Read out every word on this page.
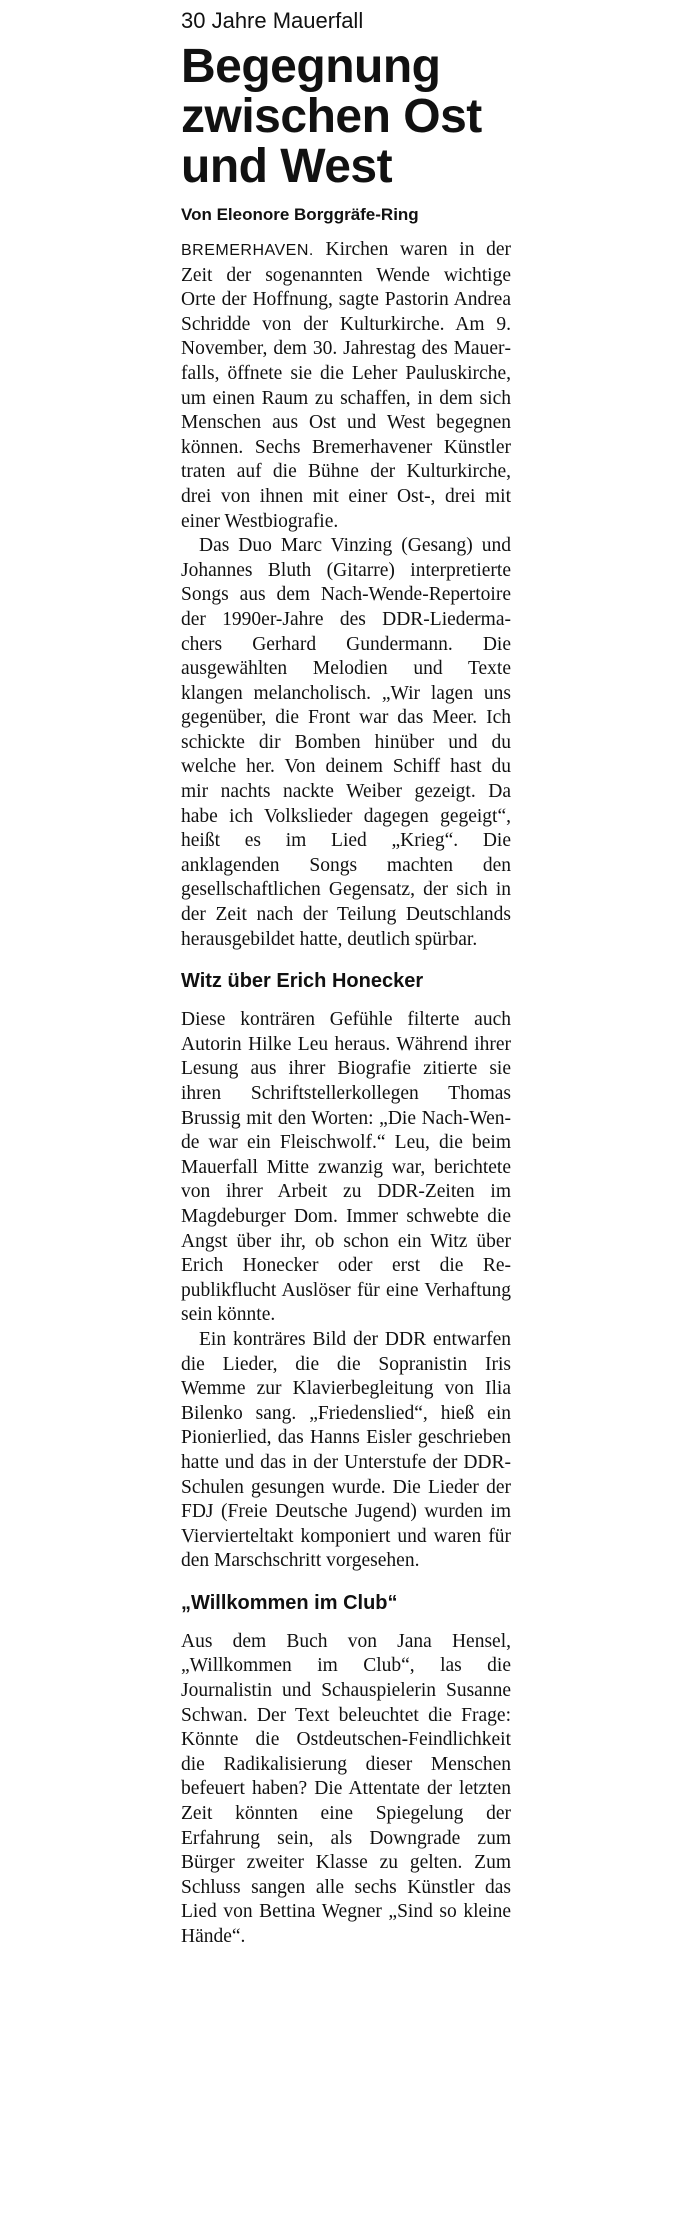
30 Jahre Mauerfall
Begegnung zwischen Ost und West
Von Eleonore Borggräfe-Ring

BREMERHAVEN. Kirchen waren in der Zeit der sogenannten Wende wichtige Orte der Hoffnung, sagte Pastorin Andrea Schridde von der Kulturkirche. Am 9. November, dem 30. Jahrestag des Mauerfalls, öffnete sie die Leher Pauluskirche, um einen Raum zu schaffen, in dem sich Menschen aus Ost und West begegnen können. Sechs Bremerhavener Künstler traten auf die Bühne der Kulturkirche, drei von ihnen mit einer Ost-, drei mit einer Westbiografie.

Das Duo Marc Vinzing (Gesang) und Johannes Bluth (Gitarre) interpretierte Songs aus dem Nach-Wende-Repertoire der 1990er-Jahre des DDR-Liedermachers Gerhard Gundermann. Die ausgewählten Melodien und Texte klangen melancholisch. „Wir lagen uns gegenüber, die Front war das Meer. Ich schickte dir Bomben hinüber und du welche her. Von deinem Schiff hast du mir nachts nackte Weiber gezeigt. Da habe ich Volkslieder dagegen gegeigt“, heißt es im Lied „Krieg“. Die anklagenden Songs machten den gesellschaftlichen Gegensatz, der sich in der Zeit nach der Teilung Deutschlands herausgebildet hatte, deutlich spürbar.

Witz über Erich Honecker

Diese konträren Gefühle filterte auch Autorin Hilke Leu heraus. Während ihrer Lesung aus ihrer Biografie zitierte sie ihren Schriftstellerkollegen Thomas Brussig mit den Worten: „Die Nach-Wende war ein Fleischwolf.“ Leu, die beim Mauerfall Mitte zwanzig war, berichtete von ihrer Arbeit zu DDR-Zeiten im Magdeburger Dom. Immer schwebte die Angst über ihr, ob schon ein Witz über Erich Honecker oder erst die Republikflucht Auslöser für eine Verhaftung sein könnte.

Ein konträres Bild der DDR entwarfen die Lieder, die die Sopranistin Iris Wemme zur Klavierbegleitung von Ilia Bilenko sang. „Friedenslied“, hieß ein Pionierlied, das Hanns Eisler geschrieben hatte und das in der Unterstufe der DDR-Schulen gesungen wurde. Die Lieder der FDJ (Freie Deutsche Jugend) wurden im Viervierteltakt komponiert und waren für den Marschschritt vorgesehen.

„Willkommen im Club“

Aus dem Buch von Jana Hensel, „Willkommen im Club“, las die Journalistin und Schauspielerin Susanne Schwan. Der Text beleuchtet die Frage: Könnte die Ostdeutschen-Feindlichkeit die Radikalisierung dieser Menschen befeuert haben? Die Attentate der letzten Zeit könnten eine Spiegelung der Erfahrung sein, als Downgrade zum Bürger zweiter Klasse zu gelten. Zum Schluss sangen alle sechs Künstler das Lied von Bettina Wegner „Sind so kleine Hände“.
